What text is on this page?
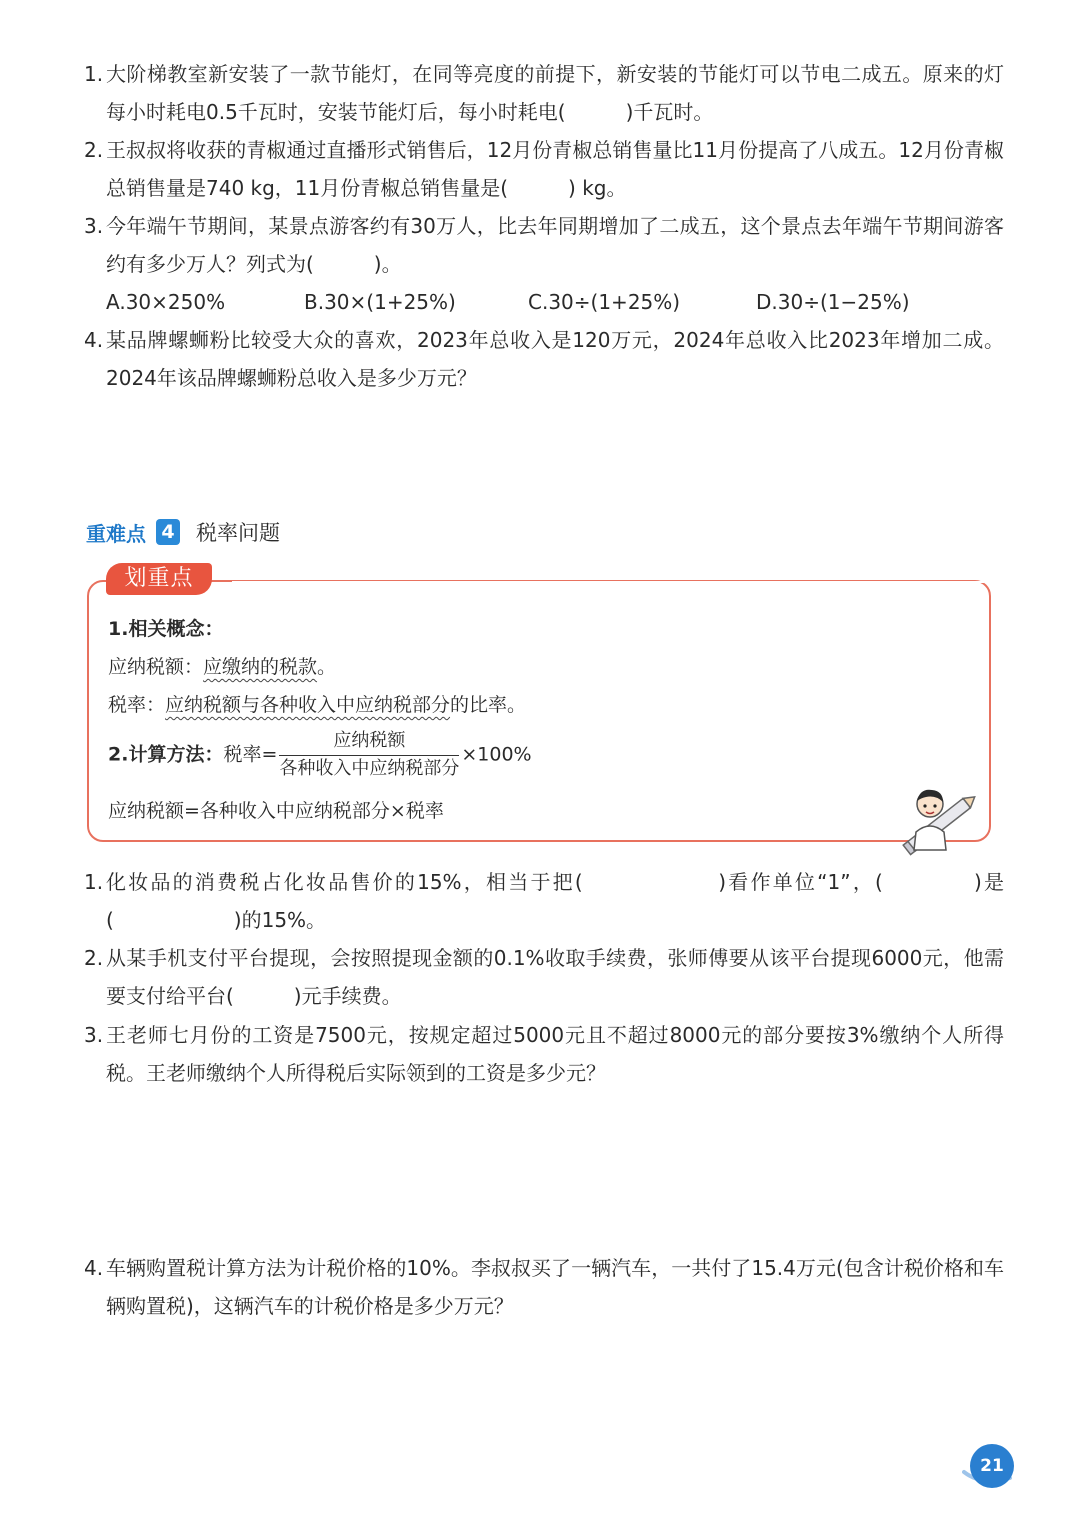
1. 大阶梯教室新安装了一款节能灯，在同等亮度的前提下，新安装的节能灯可以节电二成五。原来的灯每小时耗电0.5千瓦时，安装节能灯后，每小时耗电(　　　)千瓦时。
2. 王叔叔将收获的青椒通过直播形式销售后，12月份青椒总销售量比11月份提高了八成五。12月份青椒总销售量是740 kg，11月份青椒总销售量是(　　　) kg。
3. 今年端午节期间，某景点游客约有30万人，比去年同期增加了二成五，这个景点去年端午节期间游客约有多少万人？列式为(　　　)。
A.30×250%	B.30×(1+25%)	C.30÷(1+25%)	D.30÷(1−25%)
4. 某品牌螺蛳粉比较受大众的喜欢，2023年总收入是120万元，2024年总收入比2023年增加二成。2024年该品牌螺蛳粉总收入是多少万元？
重难点 4 税率问题
划重点
1.相关概念：
应纳税额：应缴纳的税款。
税率：应纳税额与各种收入中应纳税部分的比率。
2.计算方法：税率= $\frac{\text{应纳税额}}{\text{各种收入中应纳税部分}} \times 100\%$
应纳税额=各种收入中应纳税部分×税率
1. 化妆品的消费税占化妆品售价的15%，相当于把(　　　　　　)看作单位“1”，(　　　　)是(　　　　　　)的15%。
2. 从某手机支付平台提现，会按照提现金额的0.1%收取手续费，张师傅要从该平台提现6000元，他需要支付给平台(　　　)元手续费。
3. 王老师七月份的工资是7500元，按规定超过5000元且不超过8000元的部分要按3%缴纳个人所得税。王老师缴纳个人所得税后实际领到的工资是多少元？
4. 车辆购置税计算方法为计税价格的10%。李叔叔买了一辆汽车，一共付了15.4万元(包含计税价格和车辆购置税)，这辆汽车的计税价格是多少万元？
21
